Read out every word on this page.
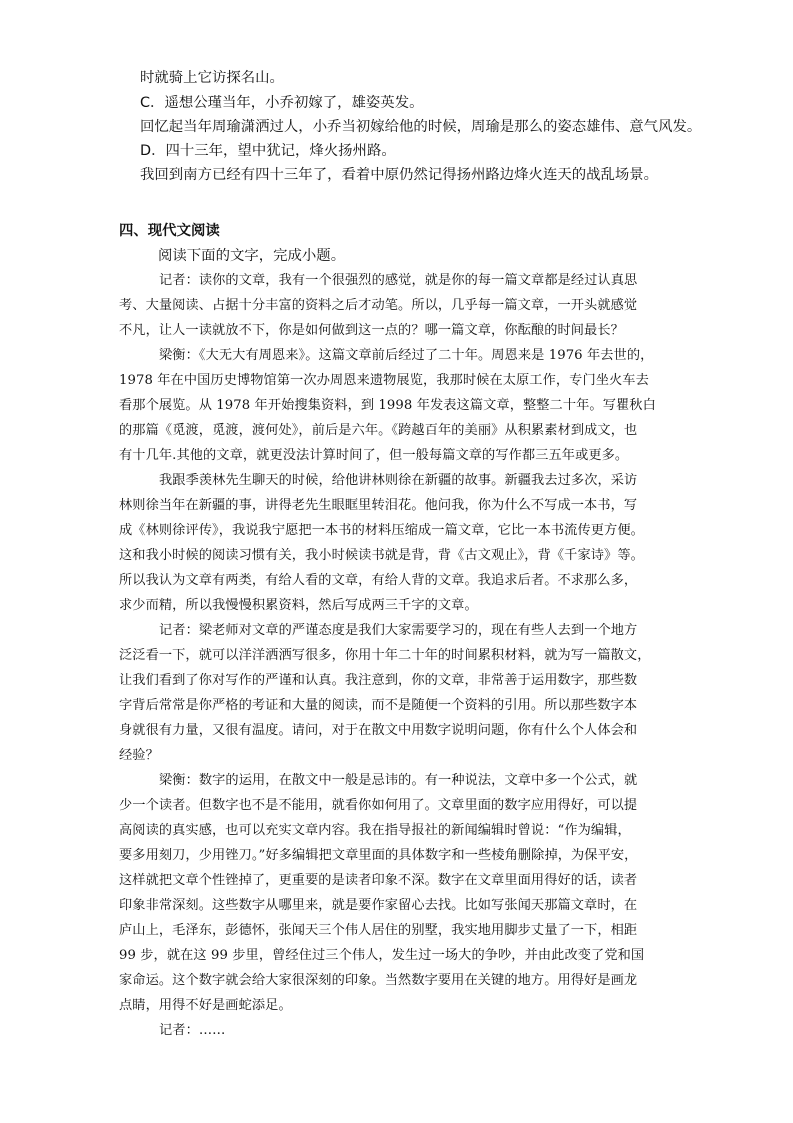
时就骑上它访探名山。
C．遥想公瑾当年，小乔初嫁了，雄姿英发。
回忆起当年周瑜潇洒过人，小乔当初嫁给他的时候，周瑜是那么的姿态雄伟、意气风发。
D．四十三年，望中犹记，烽火扬州路。
我回到南方已经有四十三年了，看着中原仍然记得扬州路边烽火连天的战乱场景。
四、现代文阅读
阅读下面的文字，完成小题。
记者：读你的文章，我有一个很强烈的感觉，就是你的每一篇文章都是经过认真思
考、大量阅读、占据十分丰富的资料之后才动笔。所以，几乎每一篇文章，一开头就感觉
不凡，让人一读就放不下，你是如何做到这一点的？哪一篇文章，你酝酿的时间最长？
梁衡：《大无大有周恩来》。这篇文章前后经过了二十年。周恩来是 1976 年去世的，
1978 年在中国历史博物馆第一次办周恩来遗物展览，我那时候在太原工作，专门坐火车去
看那个展览。从 1978 年开始搜集资料，到 1998 年发表这篇文章，整整二十年。写瞿秋白
的那篇《觅渡，觅渡，渡何处》，前后是六年。《跨越百年的美丽》从积累素材到成文，也
有十几年.其他的文章，就更没法计算时间了，但一般每篇文章的写作都三五年或更多。
我跟季羡林先生聊天的时候，给他讲林则徐在新疆的故事。新疆我去过多次，采访
林则徐当年在新疆的事，讲得老先生眼眶里转泪花。他问我，你为什么不写成一本书，写
成《林则徐评传》，我说我宁愿把一本书的材料压缩成一篇文章，它比一本书流传更方便。
这和我小时候的阅读习惯有关，我小时候读书就是背，背《古文观止》，背《千家诗》等。
所以我认为文章有两类，有给人看的文章，有给人背的文章。我追求后者。不求那么多，
求少而精，所以我慢慢积累资料，然后写成两三千字的文章。
记者：梁老师对文章的严谨态度是我们大家需要学习的，现在有些人去到一个地方
泛泛看一下，就可以洋洋洒洒写很多，你用十年二十年的时间累积材料，就为写一篇散文，
让我们看到了你对写作的严谨和认真。我注意到，你的文章，非常善于运用数字，那些数
字背后常常是你严格的考证和大量的阅读，而不是随便一个资料的引用。所以那些数字本
身就很有力量，又很有温度。请问，对于在散文中用数字说明问题，你有什么个人体会和
经验？
梁衡：数字的运用，在散文中一般是忌讳的。有一种说法，文章中多一个公式，就
少一个读者。但数字也不是不能用，就看你如何用了。文章里面的数字应用得好，可以提
高阅读的真实感，也可以充实文章内容。我在指导报社的新闻编辑时曾说：“作为编辑，
要多用刻刀，少用锉刀。”好多编辑把文章里面的具体数字和一些棱角删除掉，为保平安，
这样就把文章个性锉掉了，更重要的是读者印象不深。数字在文章里面用得好的话，读者
印象非常深刻。这些数字从哪里来，就是要作家留心去找。比如写张闻天那篇文章时，在
庐山上，毛泽东，彭德怀，张闻天三个伟人居住的别墅，我实地用脚步丈量了一下，相距
99 步，就在这 99 步里，曾经住过三个伟人，发生过一场大的争吵，并由此改变了党和国
家命运。这个数字就会给大家很深刻的印象。当然数字要用在关键的地方。用得好是画龙
点睛，用得不好是画蛇添足。
记者：……
